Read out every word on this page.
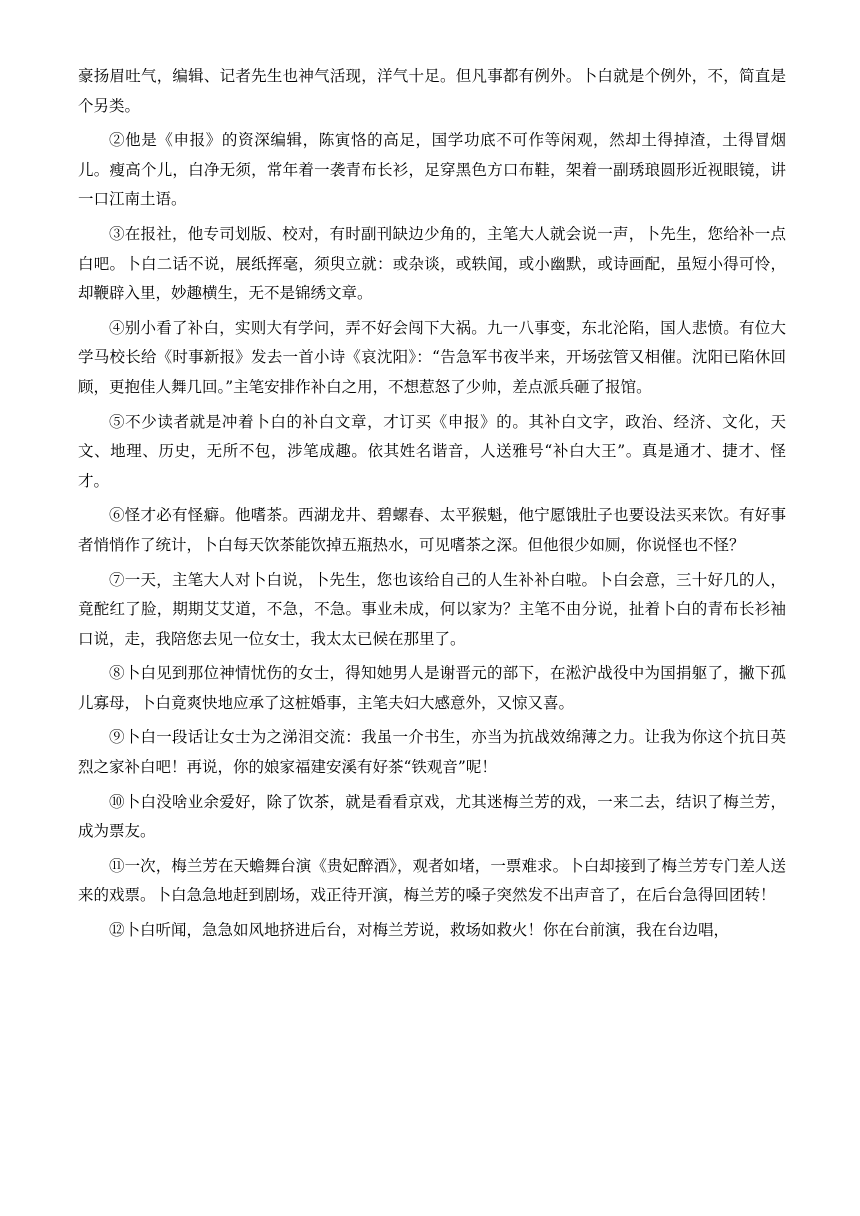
豪扬眉吐气，编辑、记者先生也神气活现，洋气十足。但凡事都有例外。卜白就是个例外，不，简直是个另类。

②他是《申报》的资深编辑，陈寅恪的高足，国学功底不可作等闲观，然却土得掉渣，土得冒烟儿。瘦高个儿，白净无须，常年着一袭青布长衫，足穿黑色方口布鞋，架着一副琇琅圆形近视眼镜，讲一口江南土语。

③在报社，他专司划版、校对，有时副刊缺边少角的，主笔大人就会说一声，卜先生，您给补一点白吧。卜白二话不说，展纸挥毫，须臾立就：或杂谈，或轶闻，或小幽默，或诗画配，虽短小得可怜，却鞭辟入里，妙趣横生，无不是锦绣文章。

④别小看了补白，实则大有学问，弄不好会闯下大祸。九一八事变，东北沦陷，国人悲愤。有位大学马校长给《时事新报》发去一首小诗《哀沈阳》：“告急军书夜半来，开场弦管又相催。沈阳已陷休回顾，更抱佳人舞几回。”主笔安排作补白之用，不想惹怒了少帅，差点派兵砸了报馆。

⑤不少读者就是冲着卜白的补白文章，才订买《申报》的。其补白文字，政治、经济、文化，天文、地理、历史，无所不包，涉笔成趣。依其姓名谐音，人送雅号“补白大王”。真是通才、捷才、怪才。

⑥怪才必有怪癖。他嗜茶。西湖龙井、碧螺春、太平猴魁，他宁愿饿肚子也要设法买来饮。有好事者悄悄作了统计，卜白每天饮茶能饮掉五瓶热水，可见嗜茶之深。但他很少如厕，你说怪也不怪？

⑦一天，主笔大人对卜白说，卜先生，您也该给自己的人生补补白啦。卜白会意，三十好几的人，竟酡红了脸，期期艾艾道，不急，不急。事业未成，何以家为？主笔不由分说，扯着卜白的青布长衫袖口说，走，我陪您去见一位女士，我太太已候在那里了。

⑧卜白见到那位神情忧伤的女士，得知她男人是谢晋元的部下，在淞沪战役中为国捐躯了，撇下孤儿寡母，卜白竟爽快地应承了这桩婚事，主笔夫妇大感意外，又惊又喜。

⑨卜白一段话让女士为之涕泪交流：我虽一介书生，亦当为抗战效绵薄之力。让我为你这个抗日英烈之家补白吧！再说，你的娘家福建安溪有好茶“铁观音”呢！

⑩卜白没啥业余爱好，除了饮茶，就是看看京戏，尤其迷梅兰芳的戏，一来二去，结识了梅兰芳，成为票友。

⑪一次，梅兰芳在天蟾舞台演《贵妃醉酒》，观者如堵，一票难求。卜白却接到了梅兰芳专门差人送来的戏票。卜白急急地赶到剧场，戏正待开演，梅兰芳的嗓子突然发不出声音了，在后台急得回团转！

⑫卜白听闻，急急如风地挤进后台，对梅兰芳说，救场如救火！你在台前演，我在台边唱，
